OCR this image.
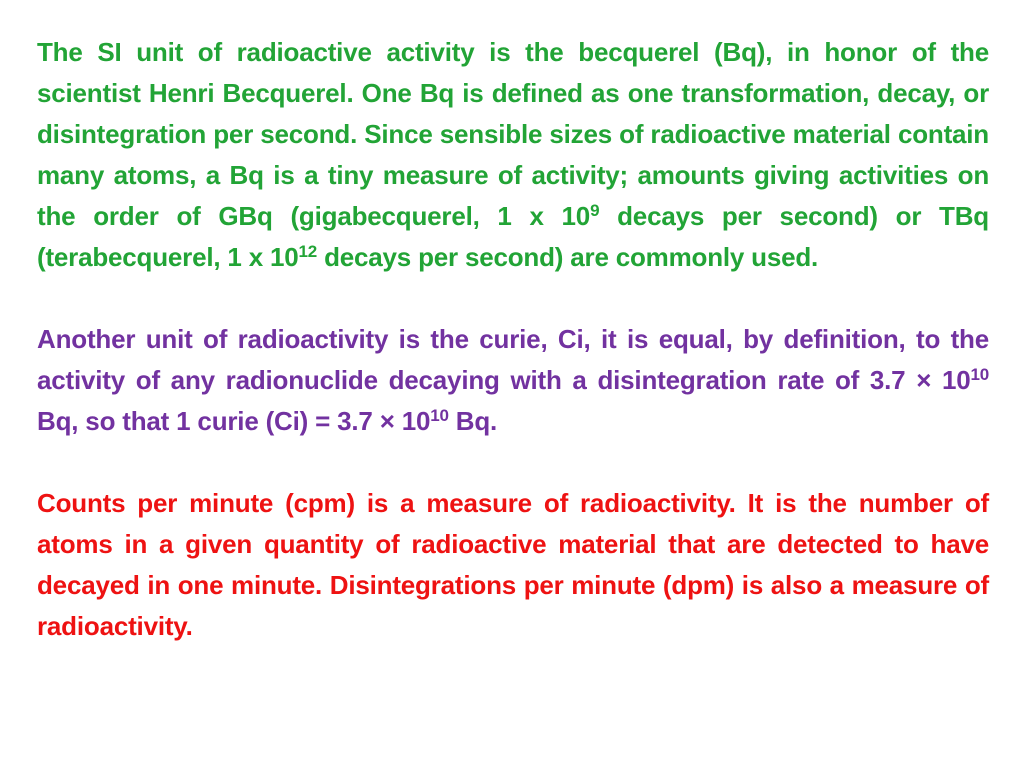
The SI unit of radioactive activity is the becquerel (Bq), in honor of the scientist Henri Becquerel. One Bq is defined as one transformation, decay, or disintegration per second. Since sensible sizes of radioactive material contain many atoms, a Bq is a tiny measure of activity; amounts giving activities on the order of GBq (gigabecquerel, 1 x $10^9$ decays per second) or TBq (terabecquerel, 1 x $10^{12}$ decays per second) are commonly used.

Another unit of radioactivity is the curie, Ci, it is equal, by definition, to the activity of any radionuclide decaying with a disintegration rate of $3.7 \times 10^{10}$ Bq, so that 1 curie $(Ci) = 3.7 \times 10^{10}$ Bq.

Counts per minute (cpm) is a measure of radioactivity. It is the number of atoms in a given quantity of radioactive material that are detected to have decayed in one minute. Disintegrations per minute (dpm) is also a measure of radioactivity.
